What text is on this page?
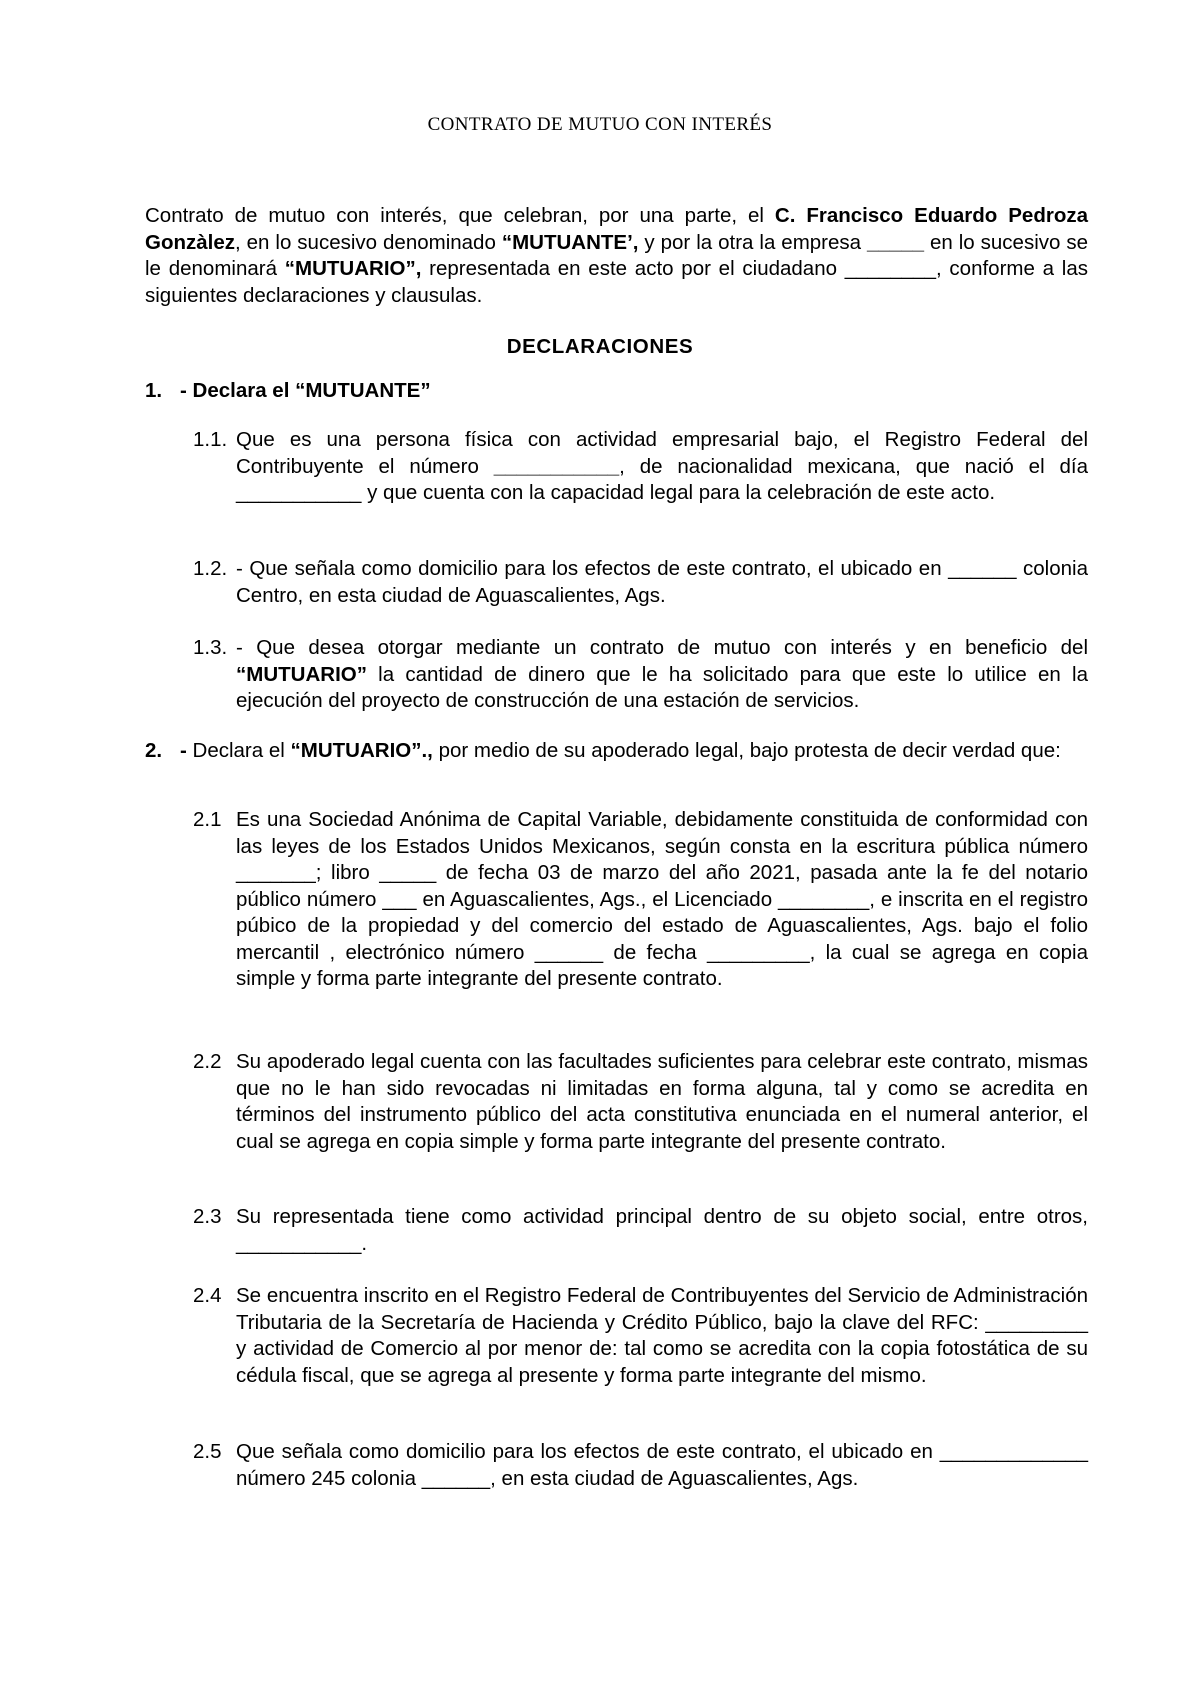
CONTRATO DE MUTUO CON INTERÉS
Contrato de mutuo con interés, que celebran, por una parte, el C. Francisco Eduardo Pedroza Gonzàlez, en lo sucesivo denominado “MUTUANTE’, y por la otra la empresa _____ en lo sucesivo se le denominará “MUTUARIO”, representada en este acto por el ciudadano ________, conforme a las siguientes declaraciones y clausulas.
DECLARACIONES
1. - Declara el “MUTUANTE”
1.1. Que es una persona física con actividad empresarial bajo, el Registro Federal del Contribuyente el número ___________, de nacionalidad mexicana, que nació el día ___________ y que cuenta con la capacidad legal para la celebración de este acto.
1.2. - Que señala como domicilio para los efectos de este contrato, el ubicado en ______ colonia Centro, en esta ciudad de Aguascalientes, Ags.
1.3. - Que desea otorgar mediante un contrato de mutuo con interés y en beneficio del “MUTUARIO” la cantidad de dinero que le ha solicitado para que este lo utilice en la ejecución del proyecto de construcción de una estación de servicios.
2. - Declara el “MUTUARIO”., por medio de su apoderado legal, bajo protesta de decir verdad que:
2.1 Es una Sociedad Anónima de Capital Variable, debidamente constituida de conformidad con las leyes de los Estados Unidos Mexicanos, según consta en la escritura pública número _______; libro _____ de fecha 03 de marzo del año 2021, pasada ante la fe del notario público número ___ en Aguascalientes, Ags., el Licenciado ________, e inscrita en el registro púbico de la propiedad y del comercio del estado de Aguascalientes, Ags. bajo el folio mercantil , electrónico número ______ de fecha _________, la cual se agrega en copia simple y forma parte integrante del presente contrato.
2.2 Su apoderado legal cuenta con las facultades suficientes para celebrar este contrato, mismas que no le han sido revocadas ni limitadas en forma alguna, tal y como se acredita en términos del instrumento público del acta constitutiva enunciada en el numeral anterior, el cual se agrega en copia simple y forma parte integrante del presente contrato.
2.3 Su representada tiene como actividad principal dentro de su objeto social, entre otros, ___________.
2.4 Se encuentra inscrito en el Registro Federal de Contribuyentes del Servicio de Administración Tributaria de la Secretaría de Hacienda y Crédito Público, bajo la clave del RFC: _________ y actividad de Comercio al por menor de: tal como se acredita con la copia fotostática de su cédula fiscal, que se agrega al presente y forma parte integrante del mismo.
2.5 Que señala como domicilio para los efectos de este contrato, el ubicado en _____________ número 245 colonia ______, en esta ciudad de Aguascalientes, Ags.
